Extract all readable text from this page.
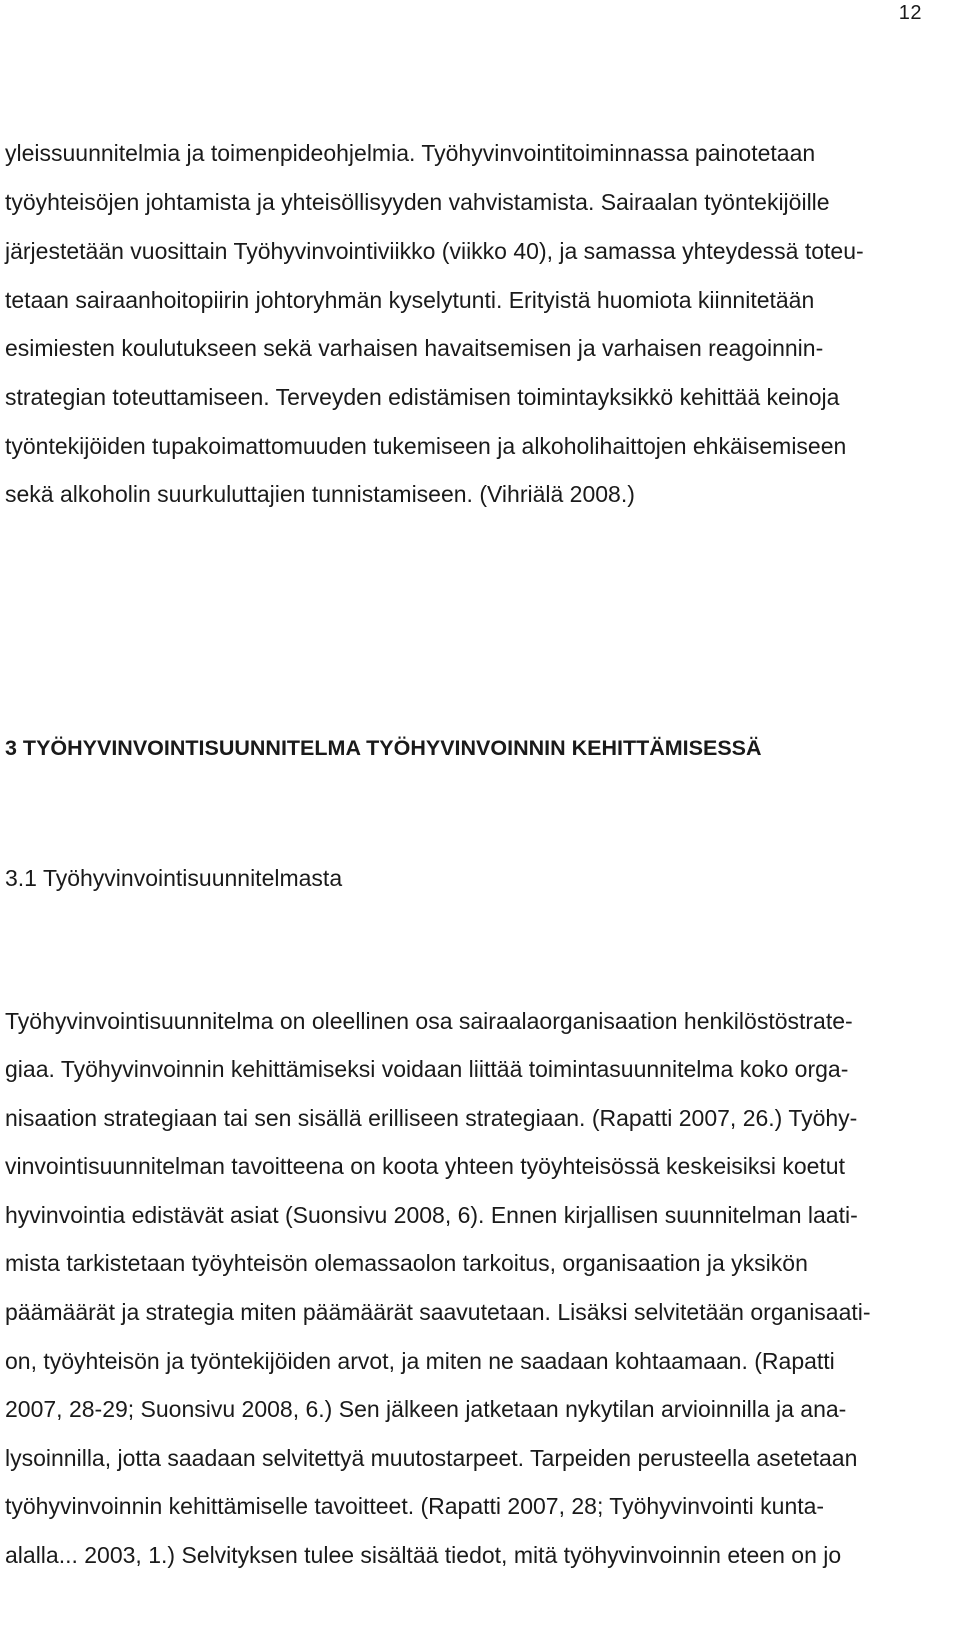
12
yleissuunnitelmia ja toimenpideohjelmia. Työhyvinvointitoiminnassa painotetaan
työyhteisöjen johtamista ja yhteisöllisyyden vahvistamista. Sairaalan työntekijöille
järjestetään vuosittain Työhyvinvointiviikko (viikko 40), ja samassa yhteydessä toteu-
tetaan sairaanhoitopiirin johtoryhmän kyselytunti. Erityistä huomiota kiinnitetään
esimiesten koulutukseen sekä varhaisen havaitsemisen ja varhaisen reagoinnin-
strategian toteuttamiseen. Terveyden edistämisen toimintayksikkö kehittää keinoja
työntekijöiden tupakoimattomuuden tukemiseen ja alkoholihaittojen ehkäisemiseen
sekä alkoholin suurkuluttajien tunnistamiseen. (Vihriälä 2008.)
3 TYÖHYVINVOINTISUUNNITELMA TYÖHYVINVOINNIN KEHITTÄMISESSÄ
3.1 Työhyvinvointisuunnitelmasta
Työhyvinvointisuunnitelma on oleellinen osa sairaalaorganisaation henkilöstöstrate-
giaa. Työhyvinvoinnin kehittämiseksi voidaan liittää toimintasuunnitelma koko orga-
nisaation strategiaan tai sen sisällä erilliseen strategiaan. (Rapatti 2007, 26.) Työhy-
vinvointisuunnitelman tavoitteena on koota yhteen työyhteisössä keskeisiksi koetut
hyvinvointia edistävät asiat (Suonsivu 2008, 6). Ennen kirjallisen suunnitelman laati-
mista tarkistetaan työyhteisön olemassaolon tarkoitus, organisaation ja yksikön
päämäärät ja strategia miten päämäärät saavutetaan. Lisäksi selvitetään organisaati-
on, työyhteisön ja työntekijöiden arvot, ja miten ne saadaan kohtaamaan. (Rapatti
2007, 28-29; Suonsivu 2008, 6.) Sen jälkeen jatketaan nykytilan arvioinnilla ja ana-
lysoinnilla, jotta saadaan selvitettyä muutostarpeet. Tarpeiden perusteella asetetaan
työhyvinvoinnin kehittämiselle tavoitteet. (Rapatti 2007, 28; Työhyvinvointi kunta-
alalla... 2003, 1.) Selvityksen tulee sisältää tiedot, mitä työhyvinvoinnin eteen on jo
